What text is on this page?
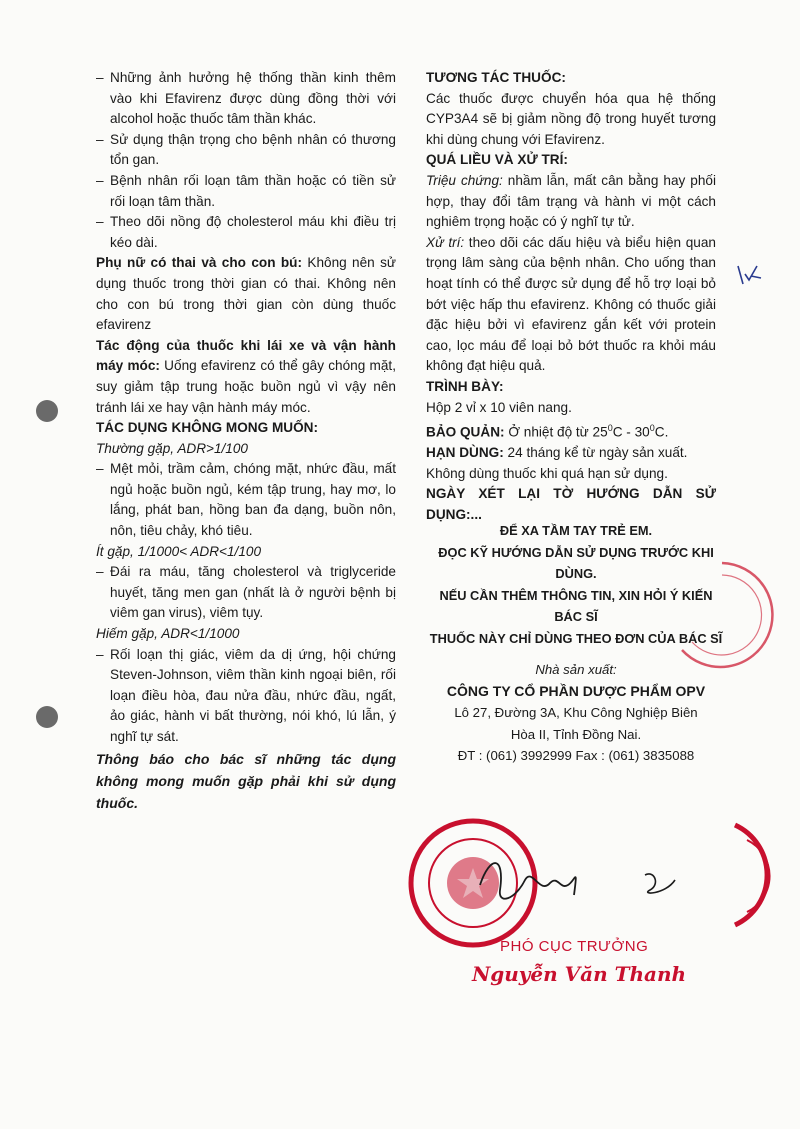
– Những ảnh hưởng hệ thống thần kinh thêm vào khi Efavirenz được dùng đồng thời với alcohol hoặc thuốc tâm thần khác.
– Sử dụng thận trọng cho bệnh nhân có thương tổn gan.
– Bệnh nhân rối loạn tâm thần hoặc có tiền sử rối loạn tâm thần.
– Theo dõi nồng độ cholesterol máu khi điều trị kéo dài.

Phụ nữ có thai và cho con bú: Không nên sử dụng thuốc trong thời gian có thai. Không nên cho con bú trong thời gian còn dùng thuốc efavirenz

Tác động của thuốc khi lái xe và vận hành máy móc: Uống efavirenz có thể gây chóng mặt, suy giảm tập trung hoặc buồn ngủ vì vậy nên tránh lái xe hay vận hành máy móc.

TÁC DỤNG KHÔNG MONG MUỐN:

Thường gặp, ADR>1/100

– Mệt mỏi, trầm cảm, chóng mặt, nhức đầu, mất ngủ hoặc buồn ngủ, kém tập trung, hay mơ, lo lắng, phát ban, hồng ban đa dạng, buồn nôn, nôn, tiêu chảy, khó tiêu.

Ít gặp, 1/1000< ADR<1/100

– Đái ra máu, tăng cholesterol và triglyceride huyết, tăng men gan (nhất là ở người bệnh bị viêm gan virus), viêm tụy.

Hiếm gặp, ADR<1/1000

– Rối loạn thị giác, viêm da dị ứng, hội chứng Steven-Johnson, viêm thần kinh ngoại biên, rối loạn điều hòa, đau nửa đầu, nhức đầu, ngất, ảo giác, hành vi bất thường, nói khó, lú lẫn, ý nghĩ tự sát.

Thông báo cho bác sĩ những tác dụng không mong muốn gặp phải khi sử dụng thuốc.

TƯƠNG TÁC THUỐC:

Các thuốc được chuyển hóa qua hệ thống CYP3A4 sẽ bị giảm nồng độ trong huyết tương khi dùng chung với Efavirenz.

QUÁ LIỀU VÀ XỬ TRÍ:

Triệu chứng: nhầm lẫn, mất cân bằng hay phối hợp, thay đổi tâm trạng và hành vi một cách nghiêm trọng hoặc có ý nghĩ tự tử.

Xử trí: theo dõi các dấu hiệu và biểu hiện quan trọng lâm sàng của bệnh nhân. Cho uống than hoạt tính có thể được sử dụng để hỗ trợ loại bỏ bớt việc hấp thu efavirenz. Không có thuốc giải đặc hiệu bởi vì efavirenz gắn kết với protein cao, lọc máu để loại bỏ bớt thuốc ra khỏi máu không đạt hiệu quả.

TRÌNH BÀY:

Hộp 2 vỉ x 10 viên nang.

BẢO QUẢN: Ở nhiệt độ từ $25^0C - 30^0C$.

HẠN DÙNG: 24 tháng kể từ ngày sản xuất.

Không dùng thuốc khi quá hạn sử dụng.

NGÀY XÉT LẠI TỜ HƯỚNG DẪN SỬ DỤNG:...

ĐỂ XA TẦM TAY TRẺ EM.
ĐỌC KỸ HƯỚNG DẪN SỬ DỤNG TRƯỚC KHI DÙNG.
NẾU CẦN THÊM THÔNG TIN, XIN HỎI Ý KIẾN BÁC SĨ
THUỐC NÀY CHỈ DÙNG THEO ĐƠN CỦA BÁC SĨ
Nhà sản xuất:
CÔNG TY CỔ PHẦN DƯỢC PHẨM OPV
Lô 27, Đường 3A, Khu Công Nghiệp Biên
Hòa II, Tỉnh Đồng Nai.
ĐT : (061) 3992999 Fax : (061) 3835088
PHÓ CỤC TRƯỞNG
Nguyễn Văn Thanh
